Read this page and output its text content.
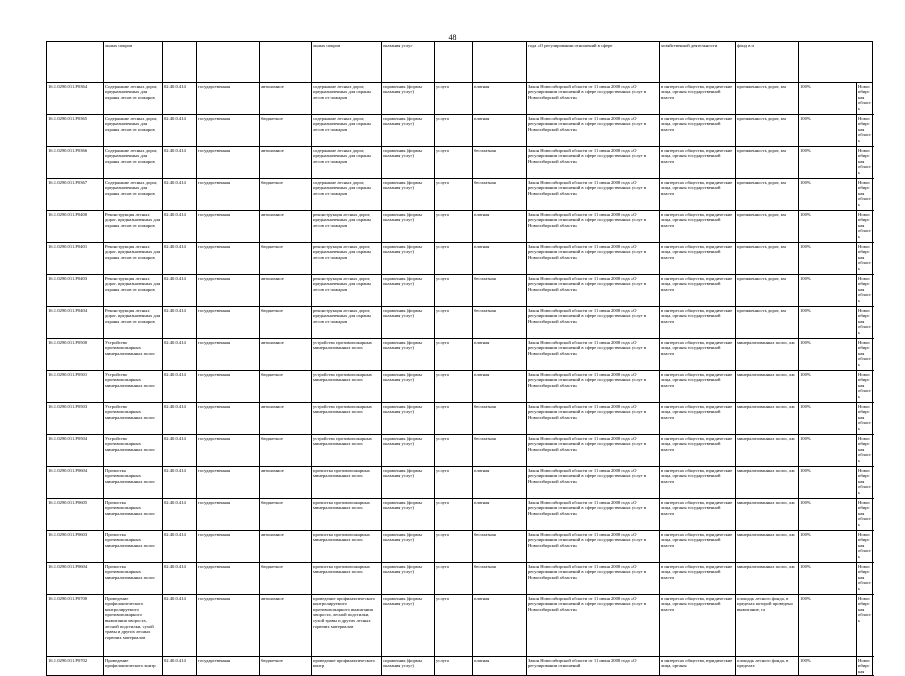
48
	льных покров				льных покров	оказания услуг			года «О регулировании отношений в сфере	хозяйственной деятельности	фонд в п		
16.1.0290.011.P0364	Содержание лесных дорог, предназначенных для охраны лесов от пожаров	02.40.0.414	государственная	автономное	содержание лесных дорог, предназначенных для охраны лесов от пожаров	справочник (формы оказания услуг)	услуга	платная	Закон Новосибирской области от 11 июня 2008 года «О регулировании отношений в сфере государственных услуг в Новосибирской области»	в интересах общества, юридические лица, органы государственной власти	протяженность дорог, км	100%	Новосибирская область	
16.1.0290.011.P0365	Содержание лесных дорог, предназначенных для охраны лесов от пожаров	02.40.0.414	государственная	бюджетное	содержание лесных дорог, предназначенных для охраны лесов от пожаров	справочник (формы оказания услуг)	услуга	платная	Закон Новосибирской области от 11 июня 2008 года «О регулировании отношений в сфере государственных услуг в Новосибирской области»	в интересах общества, юридические лица, органы государственной власти	протяженность дорог, км	100%	Новосибирская область	
16.1.0290.011.P0366	Содержание лесных дорог, предназначенных для охраны лесов от пожаров	02.40.0.414	государственная	автономное	содержание лесных дорог, предназначенных для охраны лесов от пожаров	справочник (формы оказания услуг)	услуга	бесплатная	Закон Новосибирской области от 11 июня 2008 года «О регулировании отношений в сфере государственных услуг в Новосибирской области»	в интересах общества, юридические лица, органы государственной власти	протяженность дорог, км	100%	Новосибирская область	
16.1.0290.011.P0367	Содержание лесных дорог, предназначенных для охраны лесов от пожаров	02.40.0.414	государственная	бюджетное	содержание лесных дорог, предназначенных для охраны лесов от пожаров	справочник (формы оказания услуг)	услуга	бесплатная	Закон Новосибирской области от 11 июня 2008 года «О регулировании отношений в сфере государственных услуг в Новосибирской области»	в интересах общества, юридические лица, органы государственной власти	протяженность дорог, км	100%	Новосибирская область	
16.1.0290.011.P0400	Реконструкция лесных дорог, предназначенных для охраны лесов от пожаров	02.40.0.414	государственная	автономное	реконструкция лесных дорог, предназначенных для охраны лесов от пожаров	справочник (формы оказания услуг)	услуга	платная	Закон Новосибирской области от 11 июня 2008 года «О регулировании отношений в сфере государственных услуг в Новосибирской области»	в интересах общества, юридические лица, органы государственной власти	протяженность дорог, км	100%	Новосибирская область	
16.1.0290.011.P0401	Реконструкция лесных дорог, предназначенных для охраны лесов от пожаров	02.40.0.414	государственная	бюджетное	реконструкция лесных дорог, предназначенных для охраны лесов от пожаров	справочник (формы оказания услуг)	услуга	платная	Закон Новосибирской области от 11 июня 2008 года «О регулировании отношений в сфере государственных услуг в Новосибирской области»	в интересах общества, юридические лица, органы государственной власти	протяженность дорог, км	100%	Новосибирская область	
16.1.0290.011.P0403	Реконструкция лесных дорог, предназначенных для охраны лесов от пожаров	02.40.0.414	государственная	автономное	реконструкция лесных дорог, предназначенных для охраны лесов от пожаров	справочник (формы оказания услуг)	услуга	бесплатная	Закон Новосибирской области от 11 июня 2008 года «О регулировании отношений в сфере государственных услуг в Новосибирской области»	в интересах общества, юридические лица, органы государственной власти	протяженность дорог, км	100%	Новосибирская область	
16.1.0290.011.P0404	Реконструкция лесных дорог, предназначенных для охраны лесов от пожаров	02.40.0.414	государственная	бюджетное	реконструкция лесных дорог, предназначенных для охраны лесов от пожаров	справочник (формы оказания услуг)	услуга	бесплатная	Закон Новосибирской области от 11 июня 2008 года «О регулировании отношений в сфере государственных услуг в Новосибирской области»	в интересах общества, юридические лица, органы государственной власти	протяженность дорог, км	100%	Новосибирская область	
16.1.0290.011.P0500	Устройство противопожарных минерализованных полос	02.40.0.414	государственная	автономное	устройство противопожарных минерализованных полос	справочник (формы оказания услуг)	услуга	платная	Закон Новосибирской области от 11 июня 2008 года «О регулировании отношений в сфере государственных услуг в Новосибирской области»	в интересах общества, юридические лица, органы государственной власти	минерализованных полос, км	100%	Новосибирская область	
16.1.0290.011.P0501	Устройство противопожарных минерализованных полос	02.40.0.414	государственная	бюджетное	устройство противопожарных минерализованных полос	справочник (формы оказания услуг)	услуга	платная	Закон Новосибирской области от 11 июня 2008 года «О регулировании отношений в сфере государственных услуг в Новосибирской области»	в интересах общества, юридические лица, органы государственной власти	минерализованных полос, км	100%	Новосибирская область	
16.1.0290.011.P0503	Устройство противопожарных минерализованных полос	02.40.0.414	государственная	автономное	устройство противопожарных минерализованных полос	справочник (формы оказания услуг)	услуга	бесплатная	Закон Новосибирской области от 11 июня 2008 года «О регулировании отношений в сфере государственных услуг в Новосибирской области»	в интересах общества, юридические лица, органы государственной власти	минерализованных полос, км	100%	Новосибирская область	
16.1.0290.011.P0504	Устройство противопожарных минерализованных полос	02.40.0.414	государственная	бюджетное	устройство противопожарных минерализованных полос	справочник (формы оказания услуг)	услуга	бесплатная	Закон Новосибирской области от 11 июня 2008 года «О регулировании отношений в сфере государственных услуг в Новосибирской области»	в интересах общества, юридические лица, органы государственной власти	минерализованных полос, км	100%	Новосибирская область	
16.1.0290.011.P0604	Прочистка противопожарных минерализованных полос	02.40.0.414	государственная	автономное	прочистка противопожарных минерализованных полос	справочник (формы оказания услуг)	услуга	платная	Закон Новосибирской области от 11 июня 2008 года «О регулировании отношений в сфере государственных услуг в Новосибирской области»	в интересах общества, юридические лица, органы государственной власти	минерализованных полос, км	100%	Новосибирская область	
16.1.0290.011.P0605	Прочистка противопожарных минерализованных полос	02.40.0.414	государственная	бюджетное	прочистка противопожарных минерализованных полос	справочник (формы оказания услуг)	услуга	платная	Закон Новосибирской области от 11 июня 2008 года «О регулировании отношений в сфере государственных услуг в Новосибирской области»	в интересах общества, юридические лица, органы государственной власти	минерализованных полос, км	100%	Новосибирская область	
16.1.0290.011.P0603	Прочистка противопожарных минерализованных полос	02.40.0.414	государственная	автономное	прочистка противопожарных минерализованных полос	справочник (формы оказания услуг)	услуга	бесплатная	Закон Новосибирской области от 11 июня 2008 года «О регулировании отношений в сфере государственных услуг в Новосибирской области»	в интересах общества, юридические лица, органы государственной власти	минерализованных полос, км	100%	Новосибирская область	
16.1.0290.011.P0604	Прочистка противопожарных минерализованных полос	02.40.0.414	государственная	бюджетное	прочистка противопожарных минерализованных полос	справочник (формы оказания услуг)	услуга	бесплатная	Закон Новосибирской области от 11 июня 2008 года «О регулировании отношений в сфере государственных услуг в Новосибирской области»	в интересах общества, юридические лица, органы государственной власти	минерализованных полос, км	100%	Новосибирская область	
16.1.0290.011.P0700	Проведение профилактического контролируемого противопожарного выжигания хвороста, лесной подстилки, сухой травы и других лесных горючих материалов	02.40.0.414	государственная	автономное	проведение профилактического контролируемого противопожарного выжигания хвороста, лесной подстилки, сухой травы и других лесных горючих материалов	справочник (формы оказания услуг)	услуга	платная	Закон Новосибирской области от 11 июня 2008 года «О регулировании отношений в сфере государственных услуг в Новосибирской области»	в интересах общества, юридические лица, органы государственной власти	площадь лесного фонда, в пределах которой проведено выжигание, га	100%	Новосибирская область	
16.1.0290.011.P0702	Проведение профилактического контр	02.40.0.414	государственная	бюджетное	проведение профилактического контр	справочник (формы оказания услуг)	услуга	платная	Закон Новосибирской области от 11 июня 2008 года «О регулировании отношений	в интересах общества, юридические лица, органы	площадь лесного фонда, в пределах	100%	Новосибирская	
